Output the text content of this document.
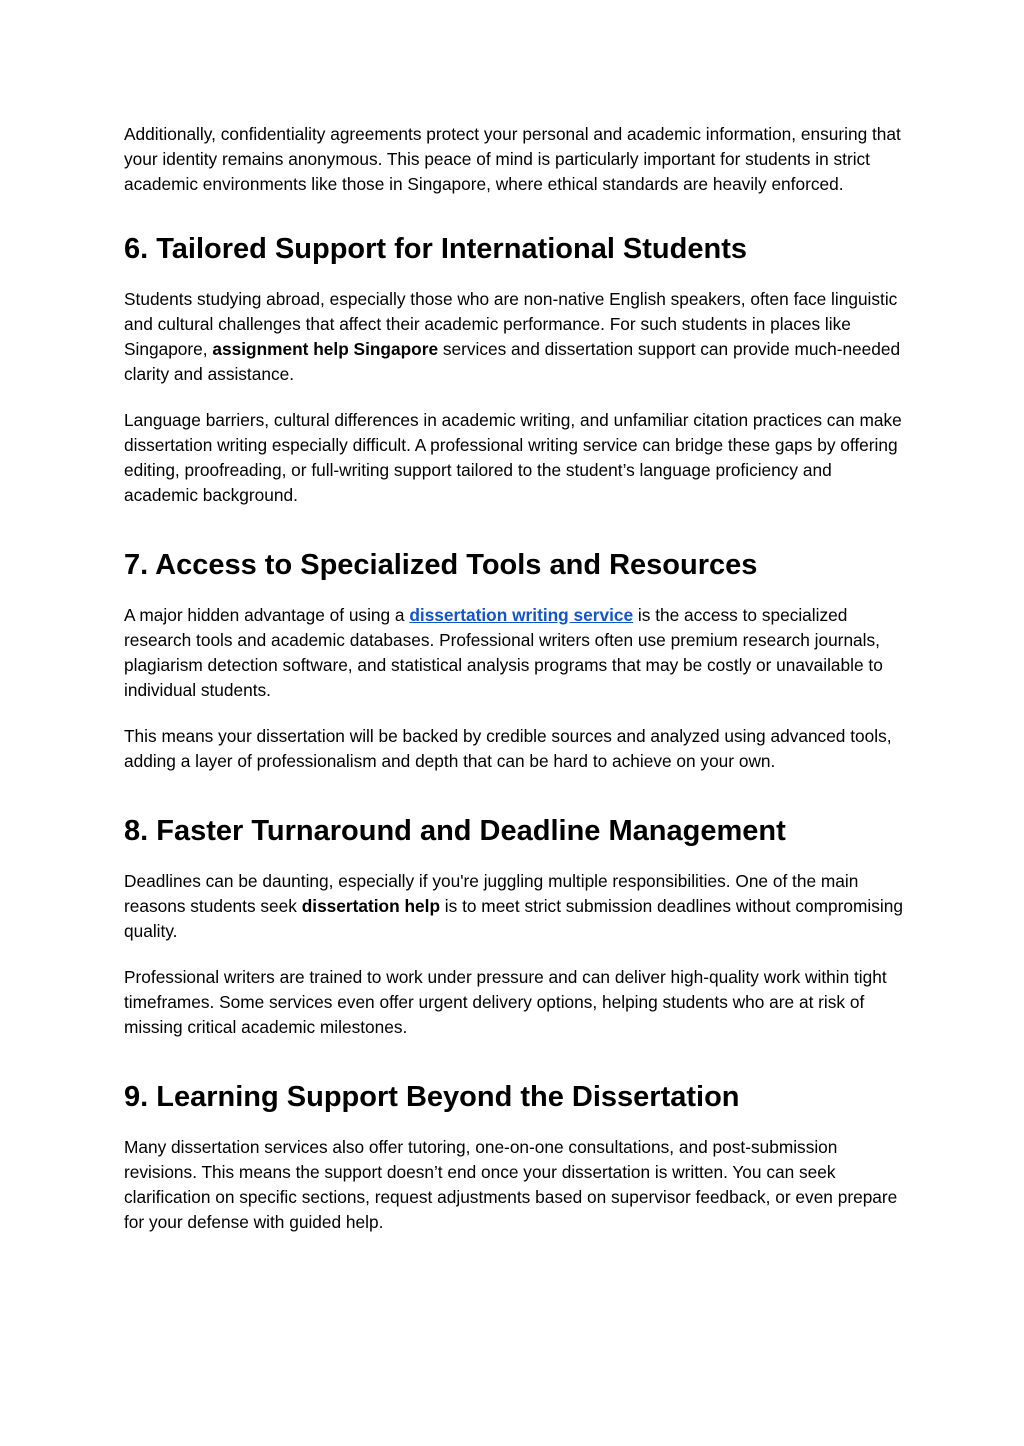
Additionally, confidentiality agreements protect your personal and academic information, ensuring that your identity remains anonymous. This peace of mind is particularly important for students in strict academic environments like those in Singapore, where ethical standards are heavily enforced.

6. Tailored Support for International Students

Students studying abroad, especially those who are non-native English speakers, often face linguistic and cultural challenges that affect their academic performance. For such students in places like Singapore, assignment help Singapore services and dissertation support can provide much-needed clarity and assistance.

Language barriers, cultural differences in academic writing, and unfamiliar citation practices can make dissertation writing especially difficult. A professional writing service can bridge these gaps by offering editing, proofreading, or full-writing support tailored to the student’s language proficiency and academic background.

7. Access to Specialized Tools and Resources

A major hidden advantage of using a dissertation writing service is the access to specialized research tools and academic databases. Professional writers often use premium research journals, plagiarism detection software, and statistical analysis programs that may be costly or unavailable to individual students.

This means your dissertation will be backed by credible sources and analyzed using advanced tools, adding a layer of professionalism and depth that can be hard to achieve on your own.

8. Faster Turnaround and Deadline Management

Deadlines can be daunting, especially if you're juggling multiple responsibilities. One of the main reasons students seek dissertation help is to meet strict submission deadlines without compromising quality.

Professional writers are trained to work under pressure and can deliver high-quality work within tight timeframes. Some services even offer urgent delivery options, helping students who are at risk of missing critical academic milestones.

9. Learning Support Beyond the Dissertation

Many dissertation services also offer tutoring, one-on-one consultations, and post-submission revisions. This means the support doesn’t end once your dissertation is written. You can seek clarification on specific sections, request adjustments based on supervisor feedback, or even prepare for your defense with guided help.
